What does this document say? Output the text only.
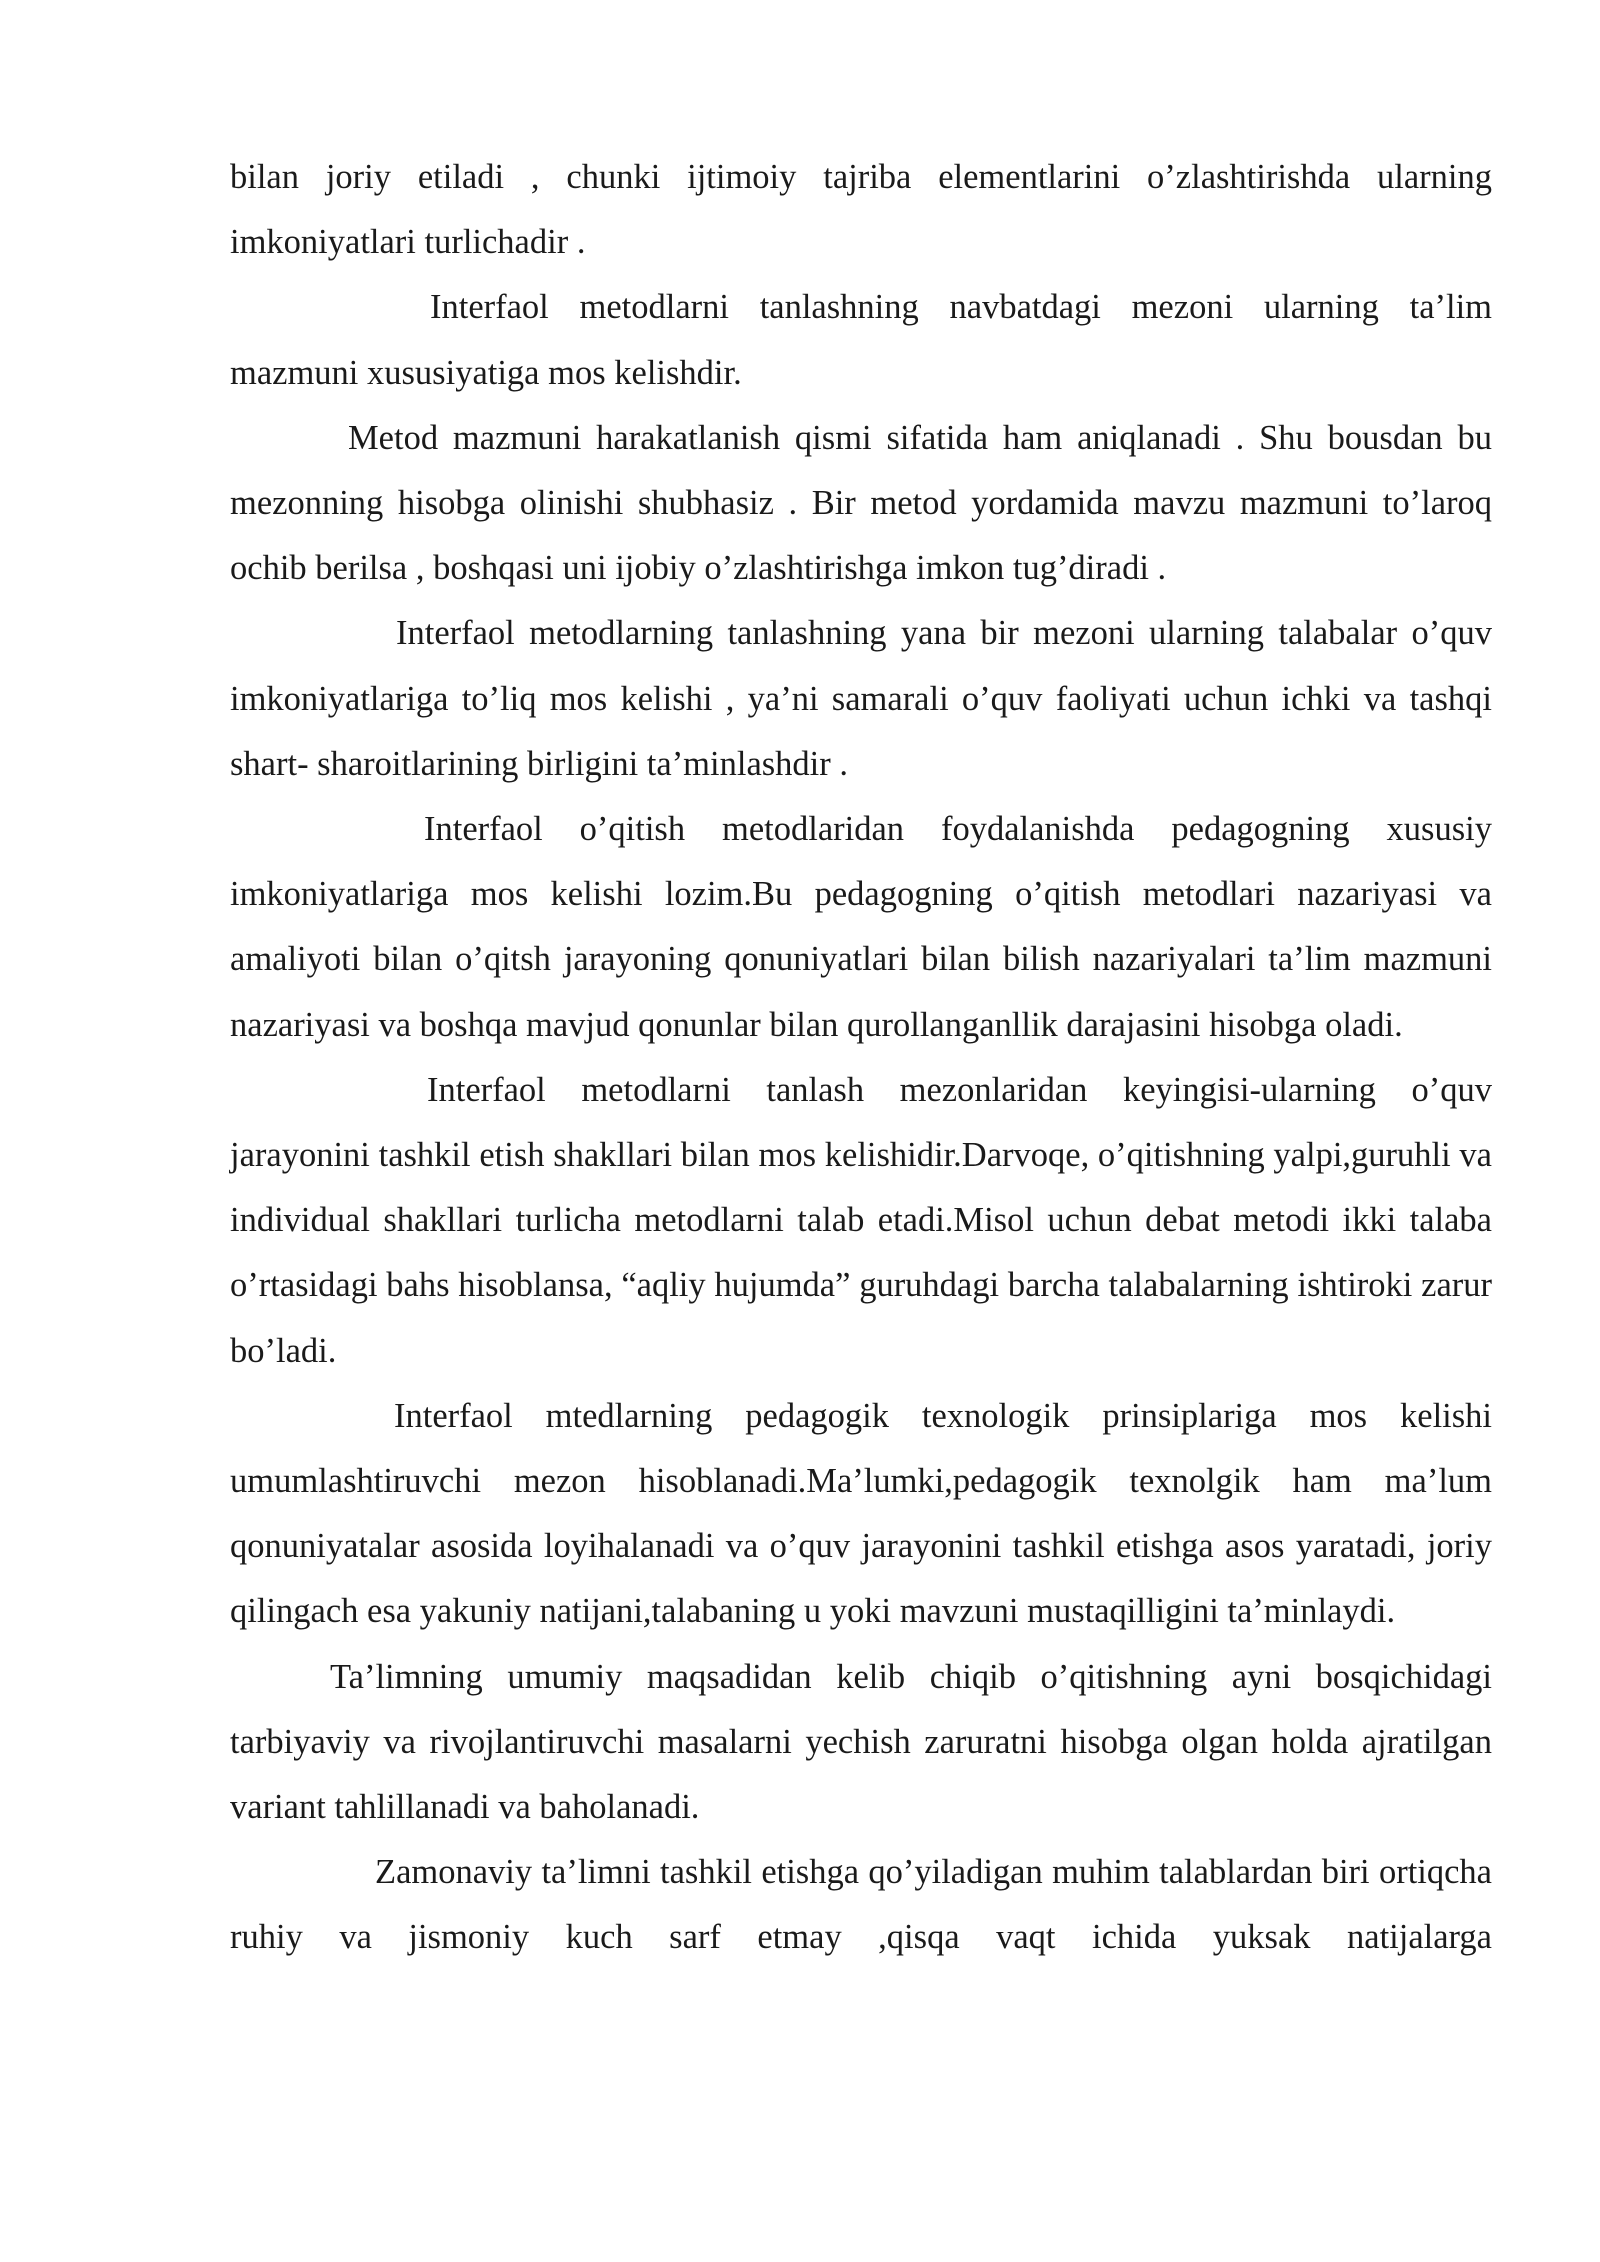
bilan joriy etiladi , chunki ijtimoiy tajriba elementlarini o’zlashtirishda ularning imkoniyatlari turlichadir .

Interfaol metodlarni tanlashning navbatdagi mezoni ularning ta’lim mazmuni xususiyatiga mos kelishdir.

Metod mazmuni harakatlanish qismi sifatida ham aniqlanadi . Shu bousdan bu mezonning hisobga olinishi shubhasiz . Bir metod yordamida mavzu mazmuni to’laroq ochib berilsa , boshqasi uni ijobiy o’zlashtirishga imkon tug’diradi .

Interfaol metodlarning tanlashning yana bir mezoni ularning talabalar o’quv imkoniyatlariga to’liq mos kelishi , ya’ni samarali o’quv faoliyati uchun ichki va tashqi shart- sharoitlarining birligini ta’minlashdir .

Interfaol o’qitish metodlaridan foydalanishda pedagogning xususiy imkoniyatlariga mos kelishi lozim.Bu pedagogning o’qitish metodlari nazariyasi va amaliyoti bilan o’qitsh jarayoning qonuniyatlari bilan bilish nazariyalari ta’lim mazmuni nazariyasi va boshqa mavjud qonunlar bilan qurollanganllik darajasini hisobga oladi.

Interfaol metodlarni tanlash mezonlaridan keyingisi-ularning o’quv jarayonini tashkil etish shakllari bilan mos kelishidir.Darvoqe, o’qitishning yalpi,guruhli va individual shakllari turlicha metodlarni talab etadi.Misol uchun debat metodi ikki talaba o’rtasidagi bahs hisoblansa, “aqliy hujumda” guruhdagi barcha talabalarning ishtiroki zarur bo’ladi.

Interfaol mtedlarning pedagogik texnologik prinsiplariga mos kelishi umumlashtiruvchi mezon hisoblanadi.Ma’lumki,pedagogik texnolgik ham ma’lum qonuniyatalar asosida loyihalanadi va o’quv jarayonini tashkil etishga asos yaratadi, joriy qilingach esa yakuniy natijani,talabaning u yoki mavzuni mustaqilligini ta’minlaydi.

Ta’limning umumiy maqsadidan kelib chiqib o’qitishning ayni bosqichidagi tarbiyaviy va rivojlantiruvchi masalarni yechish zaruratni hisobga olgan holda ajratilgan variant tahlillanadi va baholanadi.

Zamonaviy ta’limni tashkil etishga qo’yiladigan muhim talablardan biri ortiqcha ruhiy va jismoniy kuch sarf etmay ,qisqa vaqt ichida yuksak natijalarga
